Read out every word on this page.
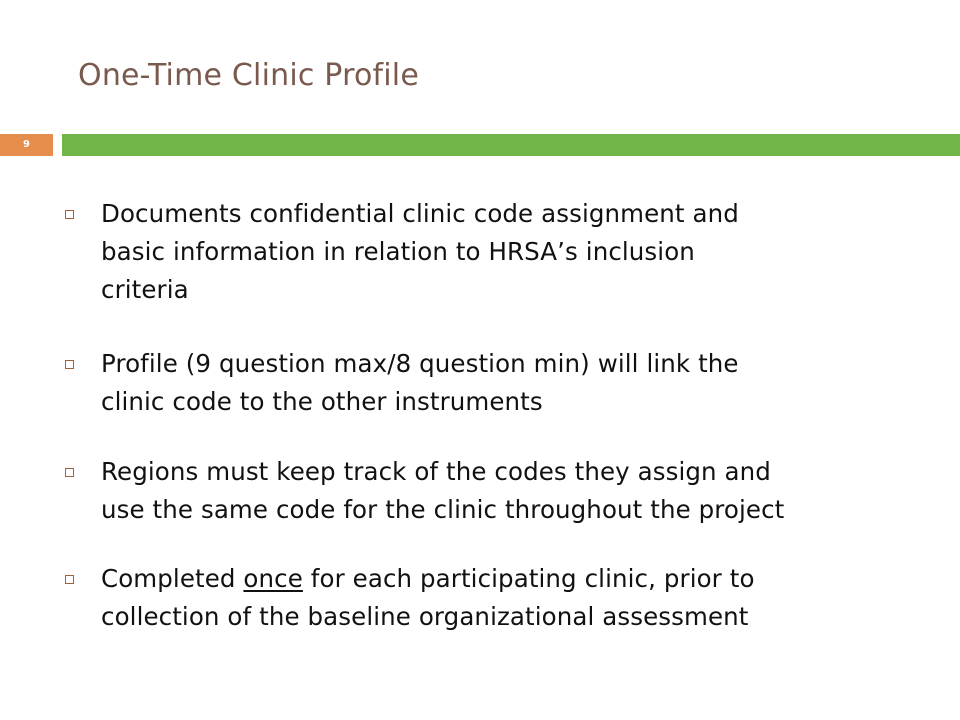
One-Time Clinic Profile
9
Documents confidential clinic code assignment and
basic information in relation to HRSA’s inclusion
criteria
Profile (9 question max/8 question min) will link the
clinic code to the other instruments
Regions must keep track of the codes they assign and
use the same code for the clinic throughout the project
Completed once for each participating clinic, prior to
collection of the baseline organizational assessment
